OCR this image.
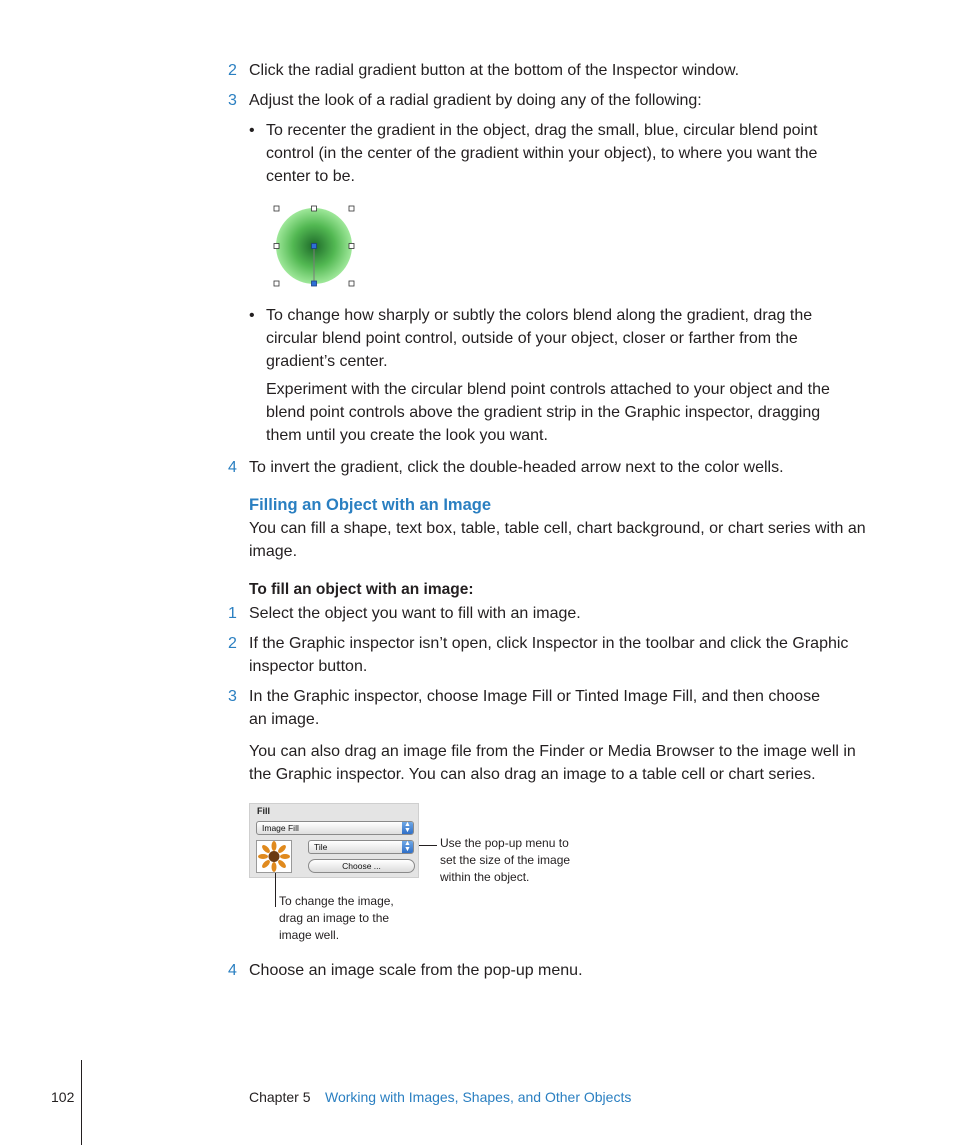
2 Click the radial gradient button at the bottom of the Inspector window.

3 Adjust the look of a radial gradient by doing any of the following:

• To recenter the gradient in the object, drag the small, blue, circular blend point

control (in the center of the gradient within your object), to where you want the

center to be.

• To change how sharply or subtly the colors blend along the gradient, drag the

circular blend point control, outside of your object, closer or farther from the

gradient’s center.

Experiment with the circular blend point controls attached to your object and the

blend point controls above the gradient strip in the Graphic inspector, dragging

them until you create the look you want.

4 To invert the gradient, click the double-headed arrow next to the color wells.

Filling an Object with an Image

You can fill a shape, text box, table, table cell, chart background, or chart series with an

image.

To fill an object with an image:
1 Select the object you want to fill with an image.

2 If the Graphic inspector isn’t open, click Inspector in the toolbar and click the Graphic

inspector button.

3 In the Graphic inspector, choose Image Fill or Tinted Image Fill, and then choose

an image.

You can also drag an image file from the Finder or Media Browser to the image well in

the Graphic inspector. You can also drag an image to a table cell or chart series.

Fill
Image Fill	▲
▼
Tile	▲
▼
Choose ...
Use the pop-up menu to
set the size of the image
within the object.
To change the image,
drag an image to the
image well.
4 Choose an image scale from the pop-up menu.

102	Chapter 5 Working with Images, Shapes, and Other Objects
